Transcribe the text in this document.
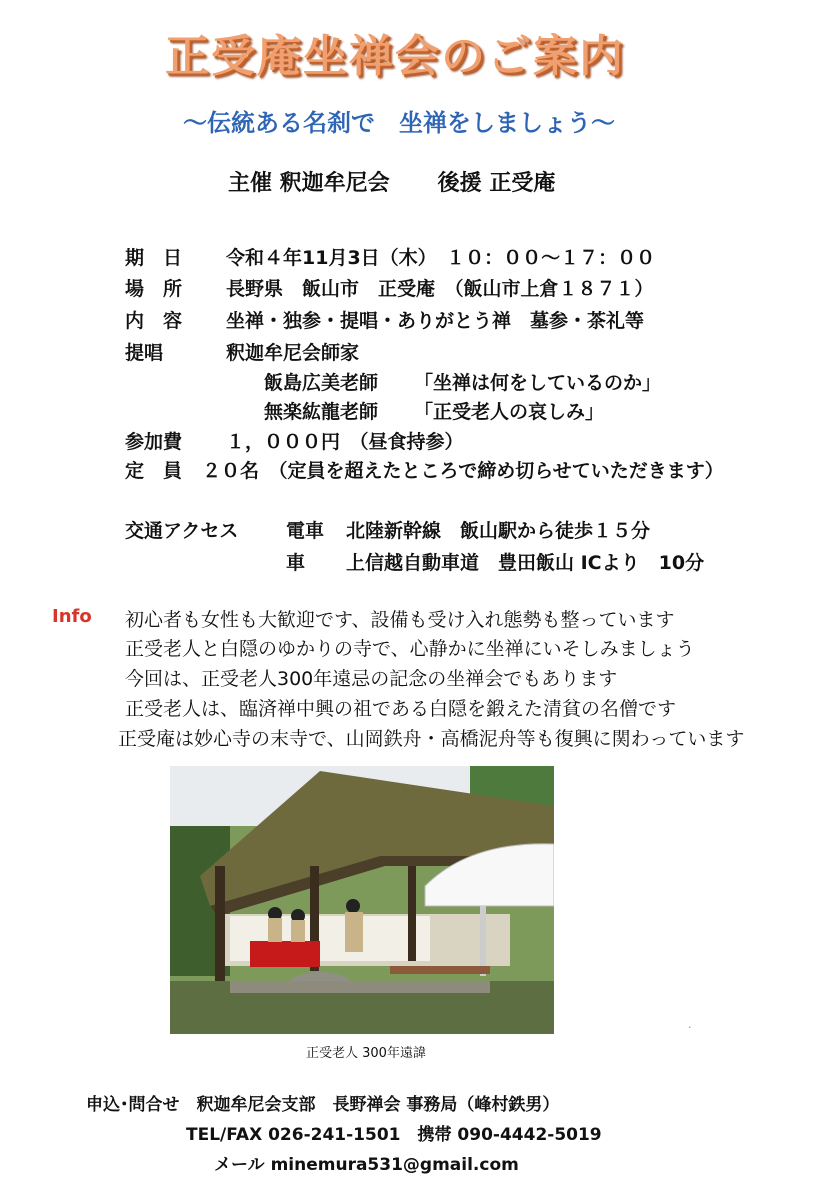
正受庵坐禅会のご案内
～伝統ある名刹で　坐禅をしましょう～
主催 釈迦牟尼会 後援 正受庵
期　日 令和４年11月3日（木）　１０：００～１７：００
場　所 長野県　飯山市　正受庵　（飯山市上倉１８７１）
内　容 坐禅・独参・提唱・ありがとう禅　墓参・茶礼等
提唱	釈迦牟尼会師家
飯島広美老師 「坐禅は何をしているのか」
無楽紘龍老師 「正受老人の哀しみ」
参加費 １，０００円　（昼食持参）
定　員 ２０名　（定員を超えたところで締め切らせていただきます）
交通アクセス	電車 北陸新幹線　飯山駅から徒歩１５分
車 上信越自動車道　豊田飯山 ICより　10分
Info 初心者も女性も大歓迎です、設備も受け入れ態勢も整っています
正受老人と白隠のゆかりの寺で、心静かに坐禅にいそしみましょう
今回は、正受老人300年遠忌の記念の坐禅会でもあります
正受老人は、臨済禅中興の祖である白隠を鍛えた清貧の名僧です
正受庵は妙心寺の末寺で、山岡鉄舟・高橋泥舟等も復興に関わっています
.
正受老人 300年遠諱
申込･問合せ　釈迦牟尼会支部　長野禅会 事務局（峰村鉄男）
TEL/FAX 026-241-1501　携帯 090-4442-5019
メール minemura531@gmail.com
